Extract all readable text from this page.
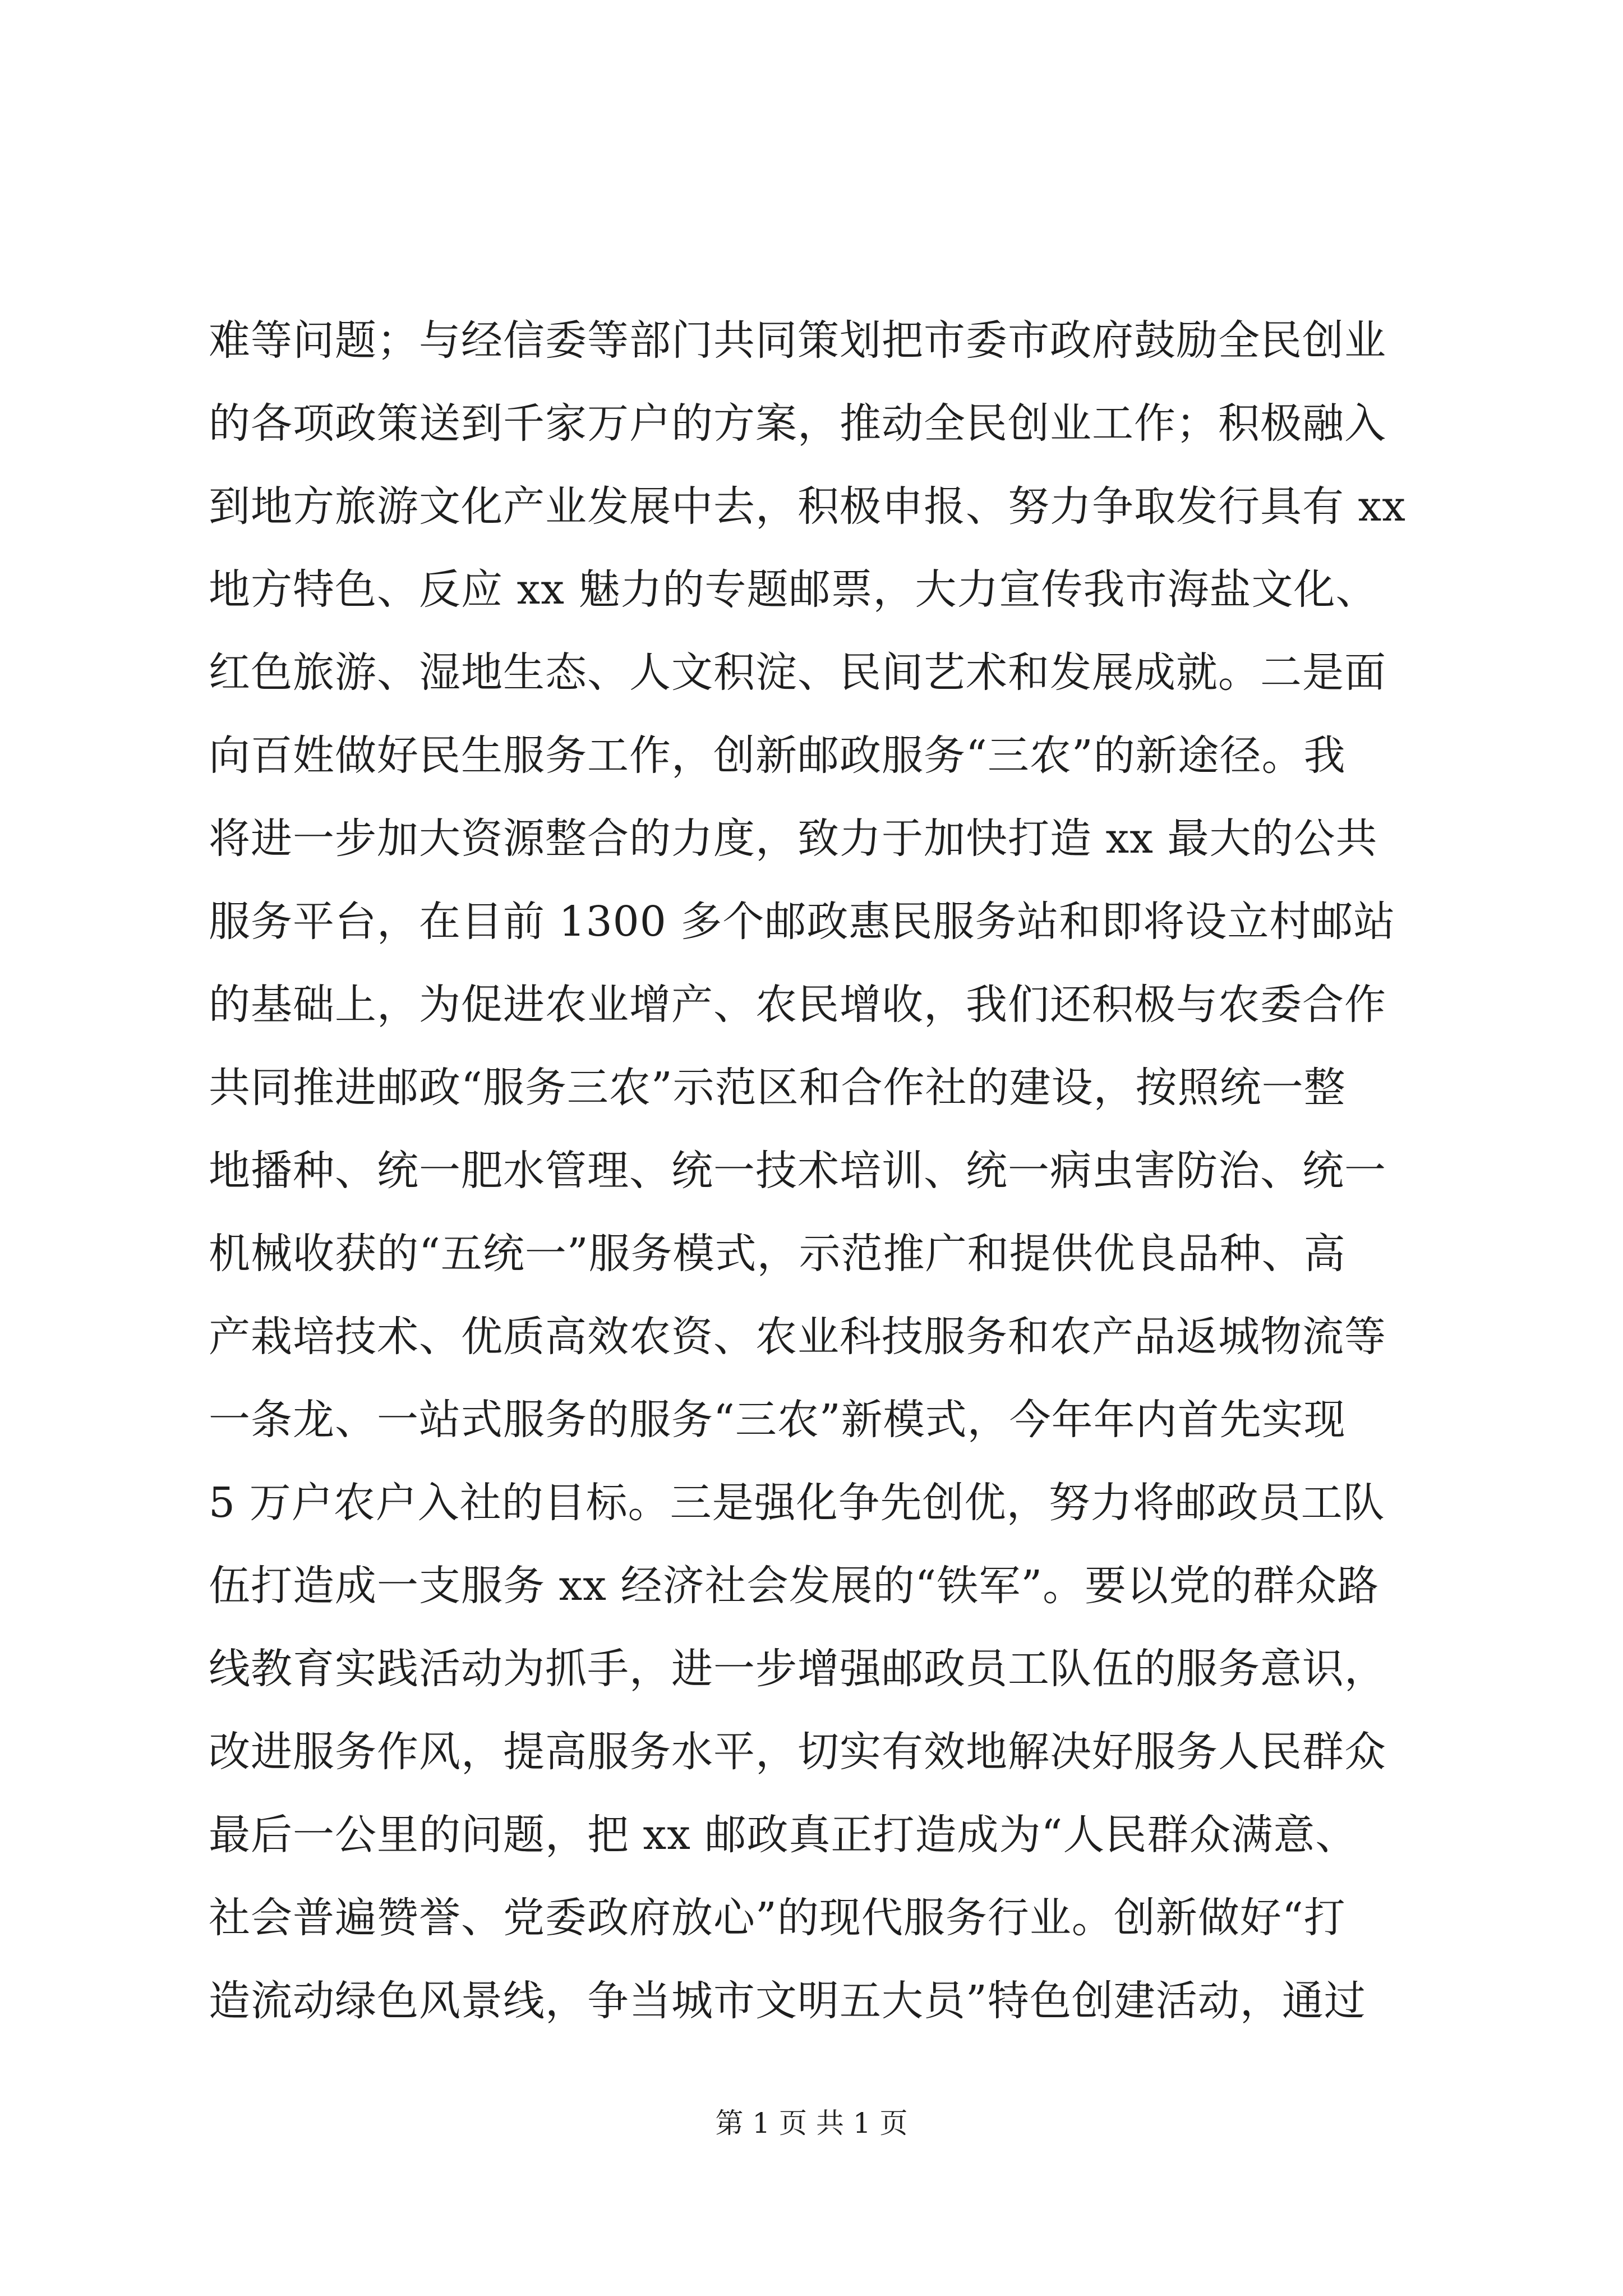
难等问题；与经信委等部门共同策划把市委市政府鼓励全民创业
的各项政策送到千家万户的方案，推动全民创业工作；积极融入
到地方旅游文化产业发展中去，积极申报、努力争取发行具有 xx
地方特色、反应 xx 魅力的专题邮票，大力宣传我市海盐文化、
红色旅游、湿地生态、人文积淀、民间艺术和发展成就。二是面
向百姓做好民生服务工作，创新邮政服务“三农”的新途径。我
将进一步加大资源整合的力度，致力于加快打造 xx 最大的公共
服务平台，在目前 1300 多个邮政惠民服务站和即将设立村邮站
的基础上，为促进农业增产、农民增收，我们还积极与农委合作
共同推进邮政“服务三农”示范区和合作社的建设，按照统一整
地播种、统一肥水管理、统一技术培训、统一病虫害防治、统一
机械收获的“五统一”服务模式，示范推广和提供优良品种、高
产栽培技术、优质高效农资、农业科技服务和农产品返城物流等
一条龙、一站式服务的服务“三农”新模式，今年年内首先实现
5 万户农户入社的目标。三是强化争先创优，努力将邮政员工队
伍打造成一支服务 xx 经济社会发展的“铁军”。要以党的群众路
线教育实践活动为抓手，进一步增强邮政员工队伍的服务意识，
改进服务作风，提高服务水平，切实有效地解决好服务人民群众
最后一公里的问题，把 xx 邮政真正打造成为“人民群众满意、
社会普遍赞誉、党委政府放心”的现代服务行业。创新做好“打
造流动绿色风景线，争当城市文明五大员”特色创建活动，通过
第 1 页 共 1 页
